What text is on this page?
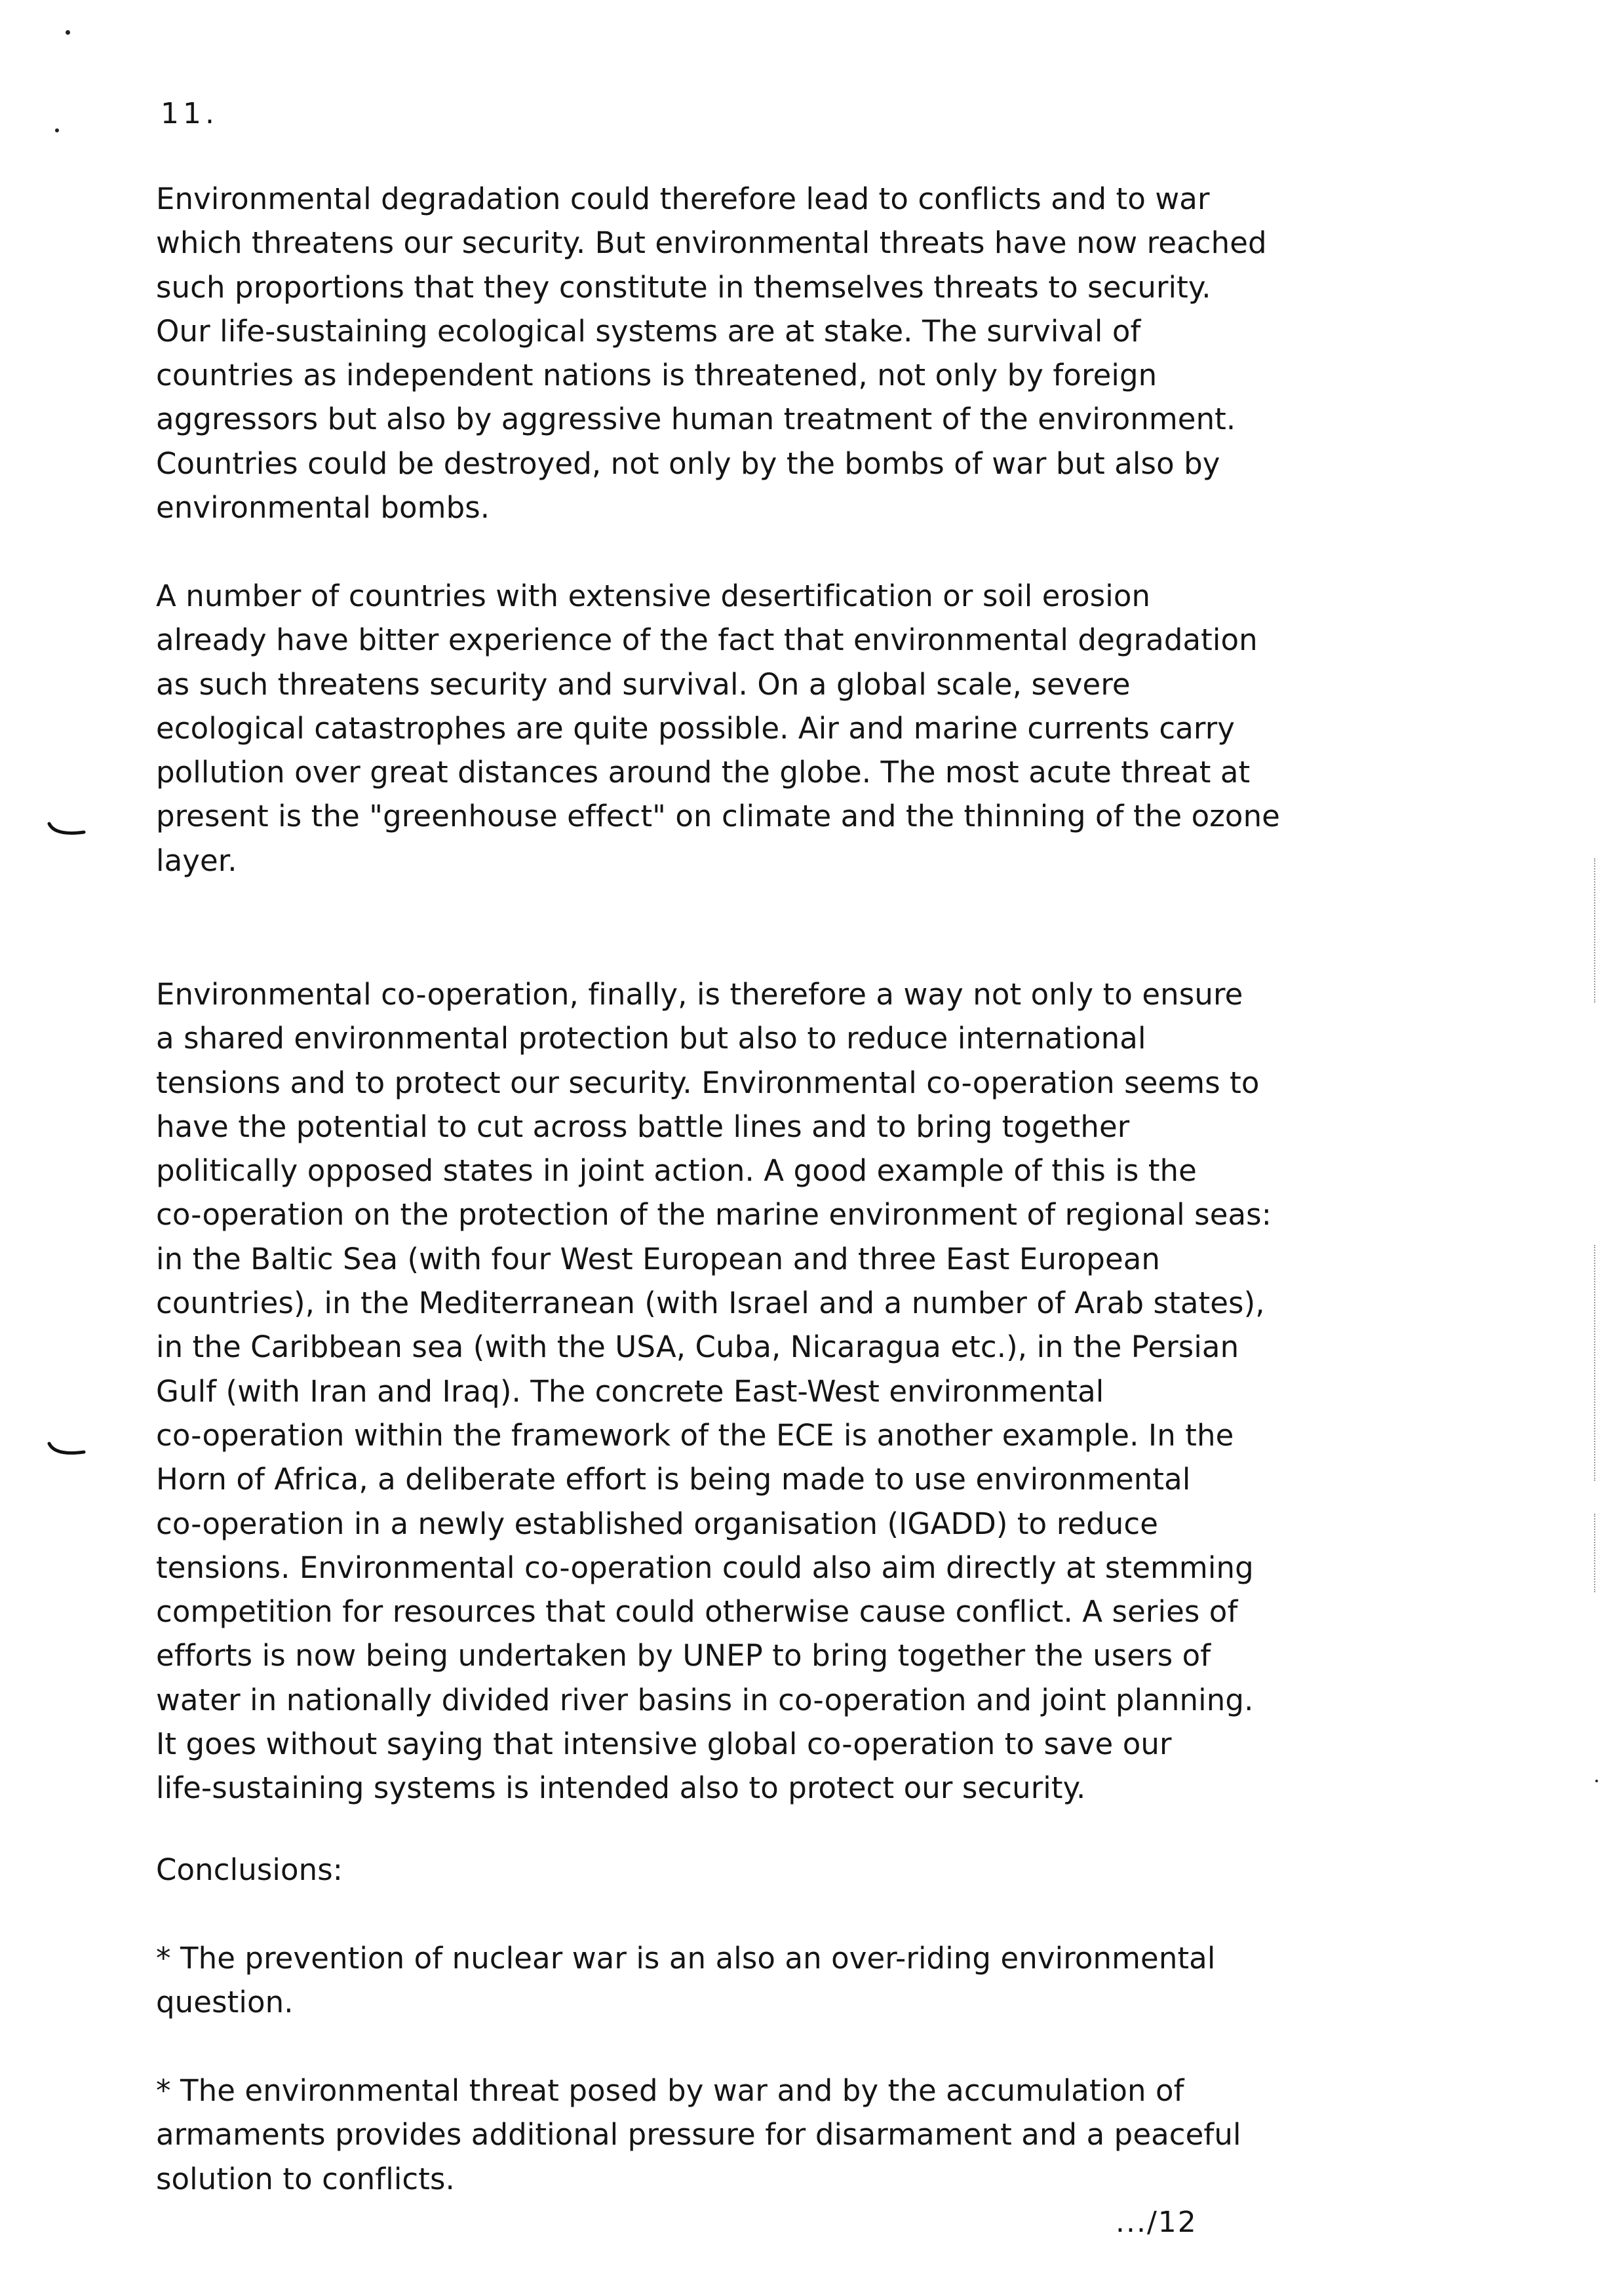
11.

Environmental degradation could therefore lead to conflicts and to war
which threatens our security. But environmental threats have now reached
such proportions that they constitute in themselves threats to security.
Our life-sustaining ecological systems are at stake. The survival of
countries as independent nations is threatened, not only by foreign
aggressors but also by aggressive human treatment of the environment.
Countries could be destroyed, not only by the bombs of war but also by
environmental bombs.

A number of countries with extensive desertification or soil erosion
already have bitter experience of the fact that environmental degradation
as such threatens security and survival. On a global scale, severe
ecological catastrophes are quite possible. Air and marine currents carry
pollution over great distances around the globe. The most acute threat at
present is the "greenhouse effect" on climate and the thinning of the ozone
layer.

Environmental co-operation, finally, is therefore a way not only to ensure
a shared environmental protection but also to reduce international
tensions and to protect our security. Environmental co-operation seems to
have the potential to cut across battle lines and to bring together
politically opposed states in joint action. A good example of this is the
co-operation on the protection of the marine environment of regional seas:
in the Baltic Sea (with four West European and three East European
countries), in the Mediterranean (with Israel and a number of Arab states),
in the Caribbean sea (with the USA, Cuba, Nicaragua etc.), in the Persian
Gulf (with Iran and Iraq). The concrete East-West environmental
co-operation within the framework of the ECE is another example. In the
Horn of Africa, a deliberate effort is being made to use environmental
co-operation in a newly established organisation (IGADD) to reduce
tensions. Environmental co-operation could also aim directly at stemming
competition for resources that could otherwise cause conflict. A series of
efforts is now being undertaken by UNEP to bring together the users of
water in nationally divided river basins in co-operation and joint planning.
It goes without saying that intensive global co-operation to save our
life-sustaining systems is intended also to protect our security.

Conclusions:

* The prevention of nuclear war is an also an over-riding environmental
question.

* The environmental threat posed by war and by the accumulation of
armaments provides additional pressure for disarmament and a peaceful
solution to conflicts.

.../12
